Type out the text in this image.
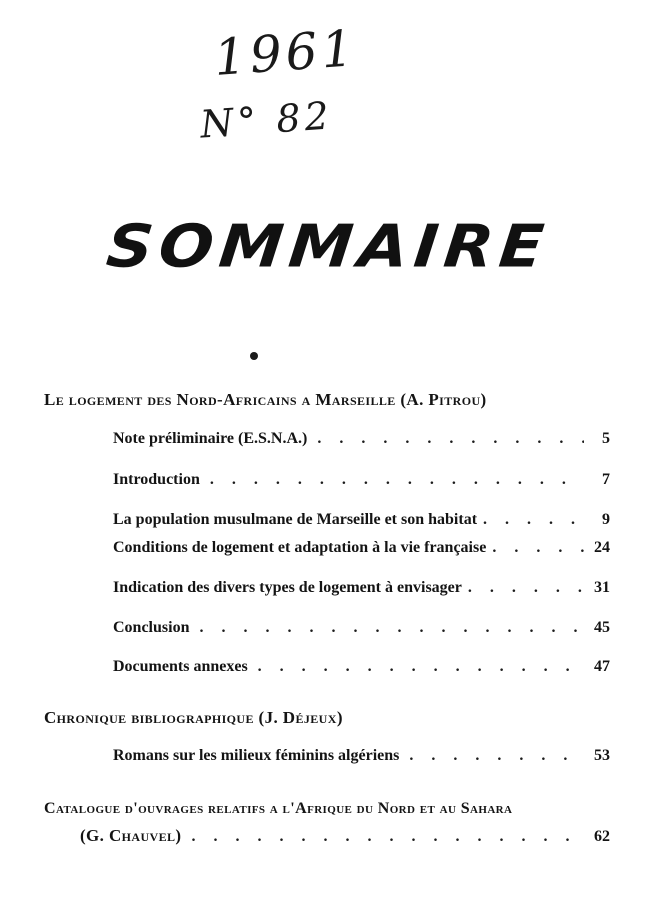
1961
N° 82
SOMMAIRE
Le logement des Nord-Africains a Marseille (A. Pitrou)
Note préliminaire (E.S.N.A.) . . .	5
Introduction . . .	7
La population musulmane de Marseille et son habitat . . .	9
Conditions de logement et adaptation à la vie française . . .	24
Indication des divers types de logement à envisager . . .	31
Conclusion . . .	45
Documents annexes . . .	47
Chronique bibliographique (J. Déjeux)
Romans sur les milieux féminins algériens . . .	53
Catalogue d'ouvrages relatifs a l'Afrique du Nord et au Sahara
(G. Chauvel) . . .	62
